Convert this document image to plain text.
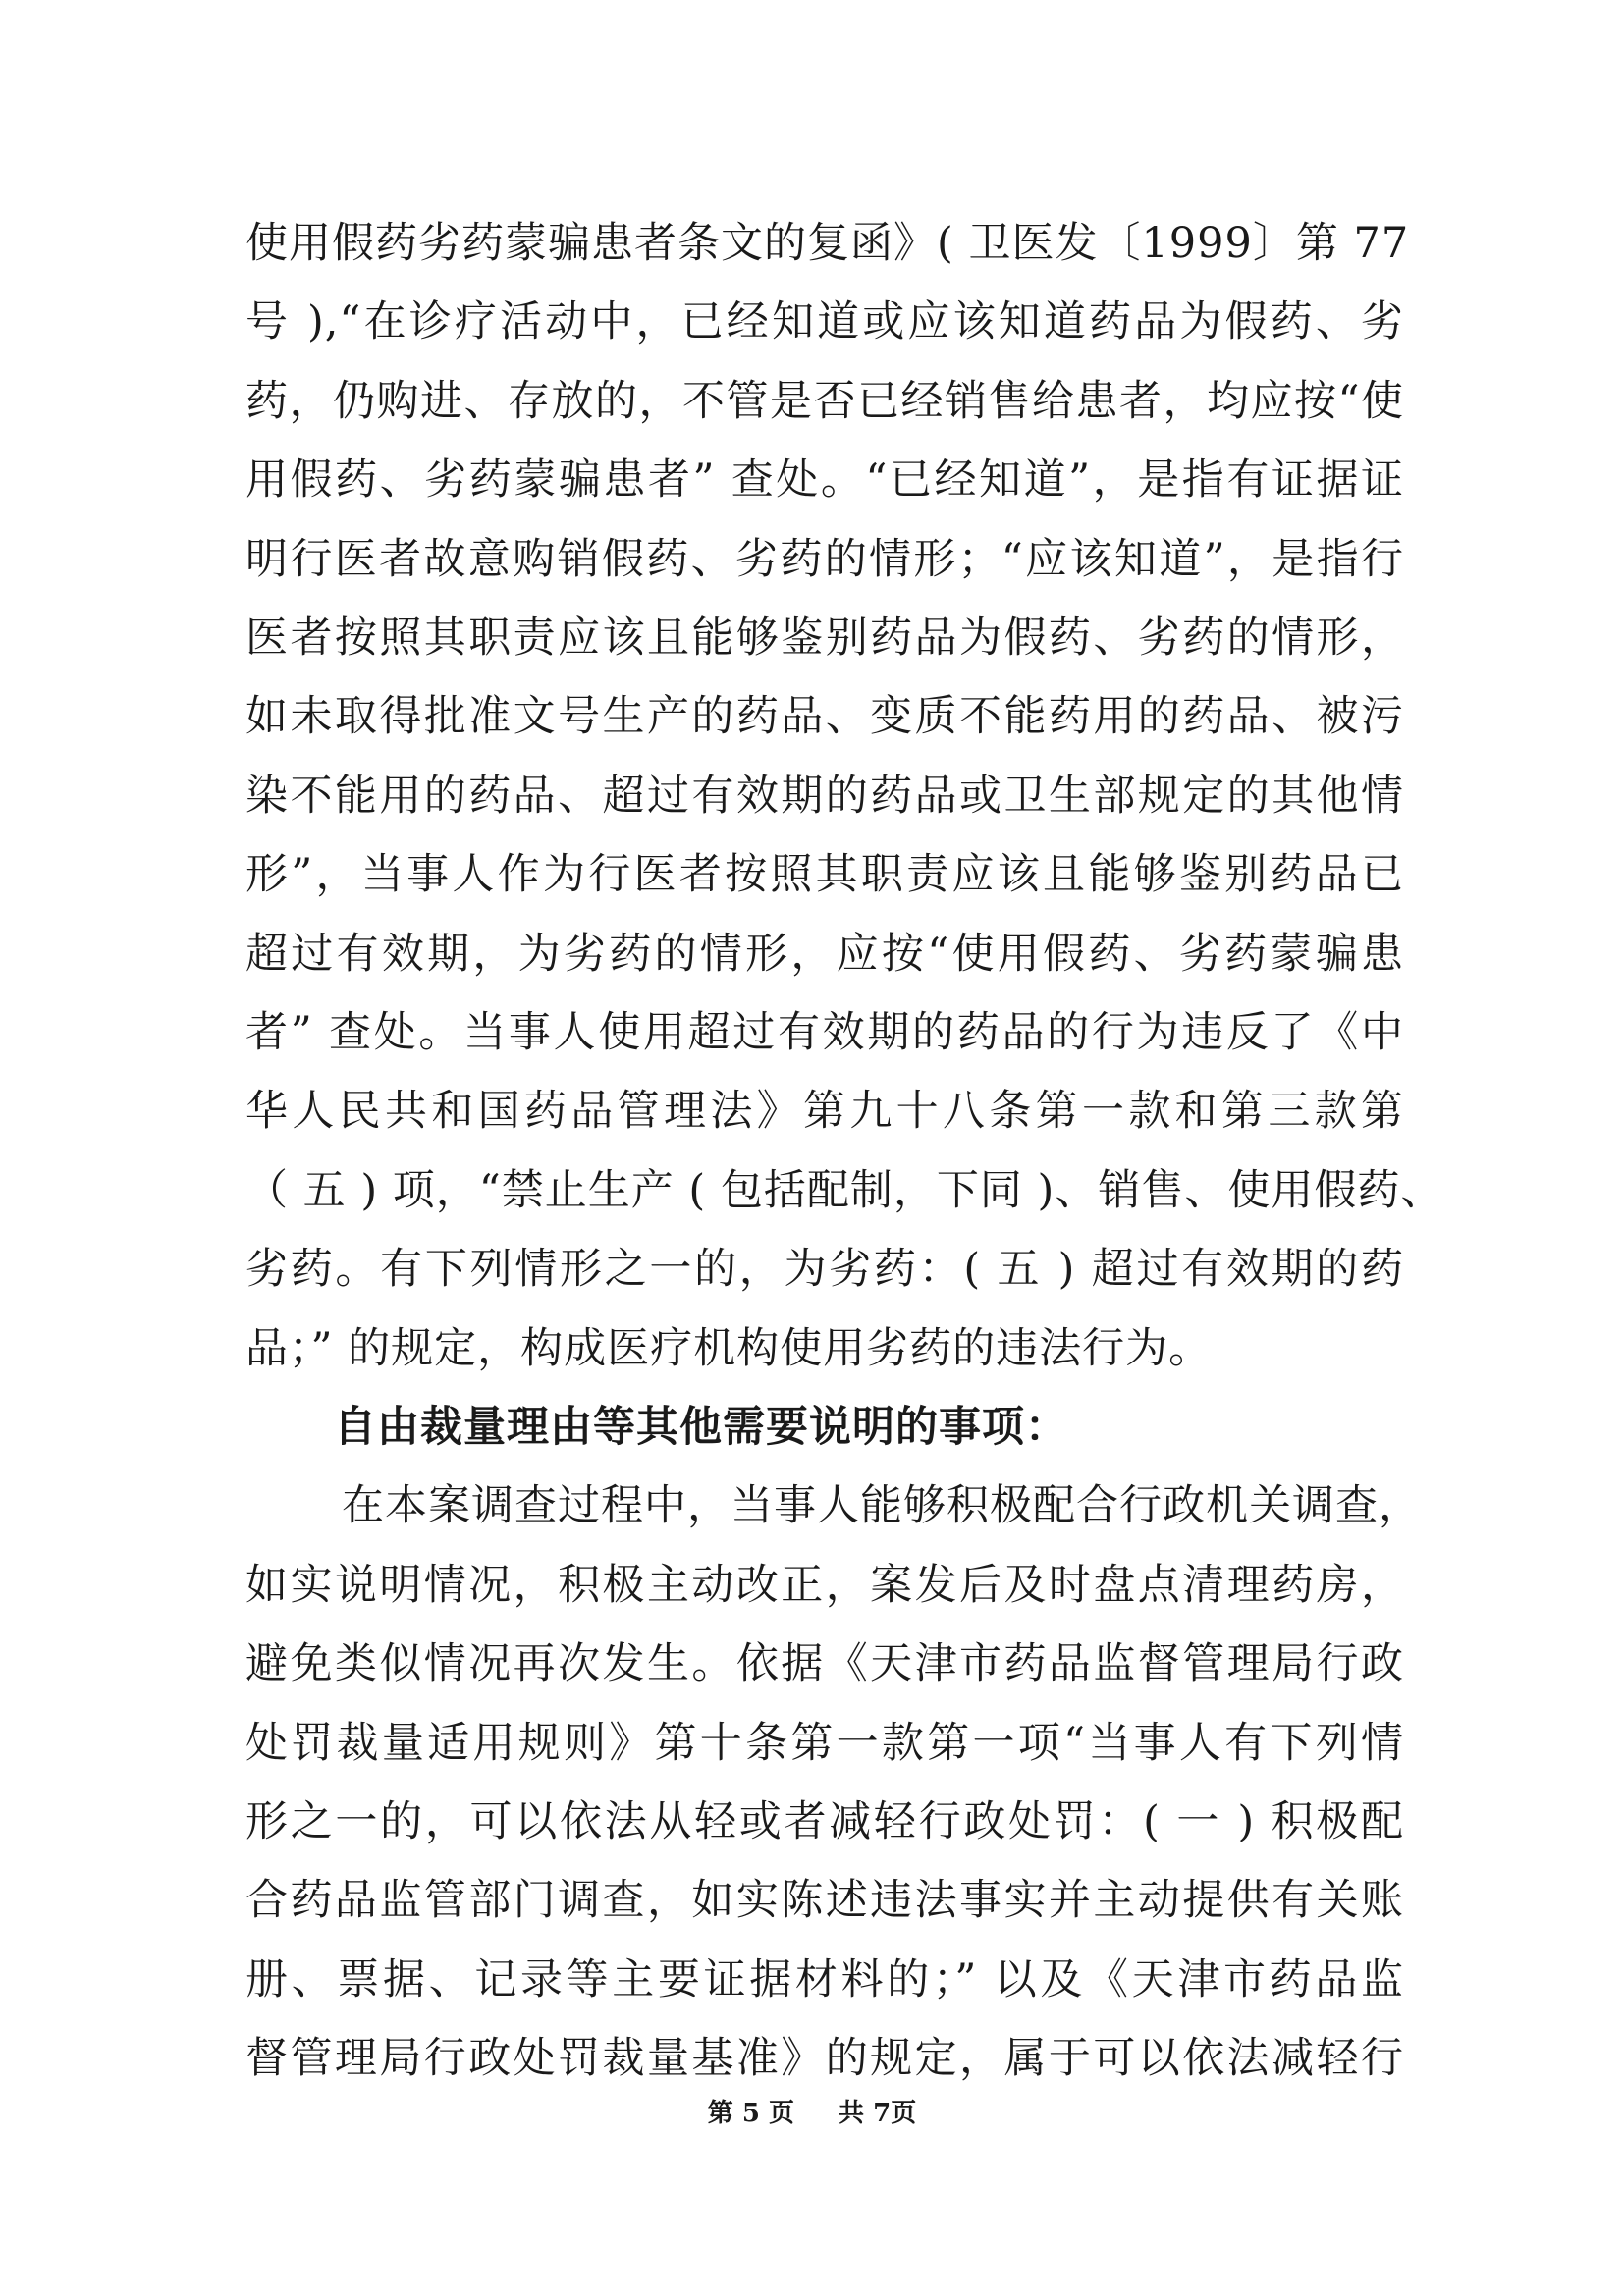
使用假药劣药蒙骗患者条文的复函》( 卫医发〔1999〕第 77
号 ),“在诊疗活动中，已经知道或应该知道药品为假药、劣
药，仍购进、存放的，不管是否已经销售给患者，均应按“使
用假药、劣药蒙骗患者” 查处。“已经知道”，是指有证据证
明行医者故意购销假药、劣药的情形；“应该知道”，是指行
医者按照其职责应该且能够鉴别药品为假药、劣药的情形，
如未取得批准文号生产的药品、变质不能药用的药品、被污
染不能用的药品、超过有效期的药品或卫生部规定的其他情
形”，当事人作为行医者按照其职责应该且能够鉴别药品已
超过有效期，为劣药的情形，应按“使用假药、劣药蒙骗患
者” 查处。当事人使用超过有效期的药品的行为违反了《中
华人民共和国药品管理法》第九十八条第一款和第三款第
（ 五 ) 项，“禁止生产 ( 包括配制，下同 )、销售、使用假药、
劣药。有下列情形之一的，为劣药：( 五 ) 超过有效期的药
品；” 的规定，构成医疗机构使用劣药的违法行为。
自由裁量理由等其他需要说明的事项：
在本案调查过程中，当事人能够积极配合行政机关调查，
如实说明情况，积极主动改正，案发后及时盘点清理药房，
避免类似情况再次发生。依据《天津市药品监督管理局行政
处罚裁量适用规则》第十条第一款第一项“当事人有下列情
形之一的，可以依法从轻或者减轻行政处罚：( 一 ) 积极配
合药品监管部门调查，如实陈述违法事实并主动提供有关账
册、票据、记录等主要证据材料的；” 以及《天津市药品监
第 5 页 共 7页
督管理局行政处罚裁量基准》的规定，属于可以依法减轻行
